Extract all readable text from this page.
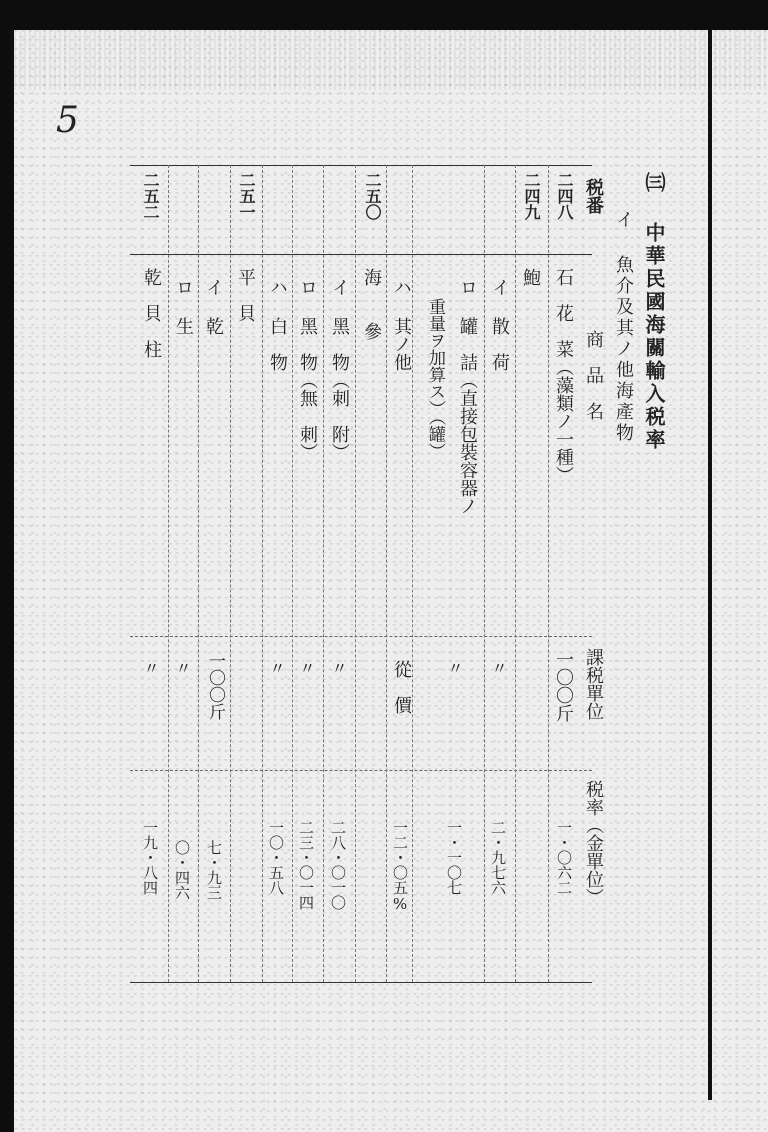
5
㈢ 中華民國海關輸入税率
イ 魚介及其ノ他海產物
税番
商　品　名
課税單位
税率（金單位）
二四八
石　花　菜（藻類ノ一種）
一〇〇斤
一・〇六二
二四九
鮑
イ 散　荷
〃
二・九七六
ロ 罐　詰（直接包裝容器ノ
重量ヲ加算ス）（罐）
〃
一・一〇七
ハ 其ノ他
從　價
一二・〇五%
二五〇
海　　參
イ 黑　物（刺　附）
〃
二八・〇一〇
ロ 黑　物（無　刺）
〃
二三・〇一四
ハ 白　物
〃
一〇・五八
二五一
平　貝
イ 乾
一〇〇斤
七・九三
ロ 生
〃
〇・四六
二五二
乾　貝　柱
〃
一九・八四
